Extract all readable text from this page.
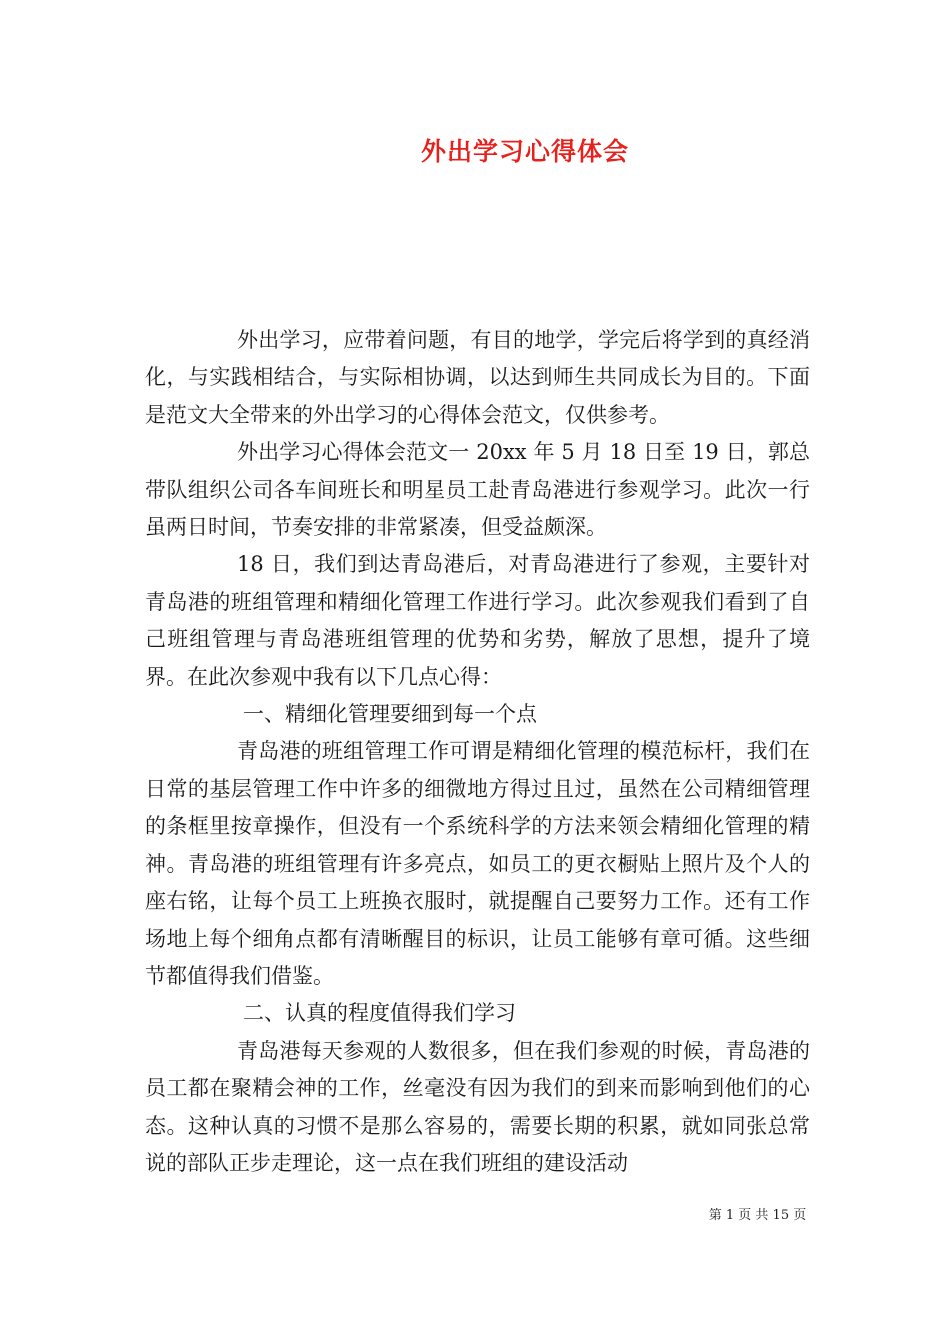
外出学习心得体会

外出学习，应带着问题，有目的地学，学完后将学到的真经消化，与实践相结合，与实际相协调，以达到师生共同成长为目的。下面是范文大全带来的外出学习的心得体会范文，仅供参考。

外出学习心得体会范文一 20xx 年 5 月 18 日至 19 日，郭总带队组织公司各车间班长和明星员工赴青岛港进行参观学习。此次一行虽两日时间，节奏安排的非常紧凑，但受益颇深。

18 日，我们到达青岛港后，对青岛港进行了参观，主要针对青岛港的班组管理和精细化管理工作进行学习。此次参观我们看到了自己班组管理与青岛港班组管理的优势和劣势，解放了思想，提升了境界。在此次参观中我有以下几点心得：

一、精细化管理要细到每一个点

青岛港的班组管理工作可谓是精细化管理的模范标杆，我们在日常的基层管理工作中许多的细微地方得过且过，虽然在公司精细管理的条框里按章操作，但没有一个系统科学的方法来领会精细化管理的精神。青岛港的班组管理有许多亮点，如员工的更衣橱贴上照片及个人的座右铭，让每个员工上班换衣服时，就提醒自己要努力工作。还有工作场地上每个细角点都有清晰醒目的标识，让员工能够有章可循。这些细节都值得我们借鉴。

二、认真的程度值得我们学习

青岛港每天参观的人数很多，但在我们参观的时候，青岛港的员工都在聚精会神的工作，丝毫没有因为我们的到来而影响到他们的心态。这种认真的习惯不是那么容易的，需要长期的积累，就如同张总常说的部队正步走理论，这一点在我们班组的建设活动

第 1 页 共 15 页
